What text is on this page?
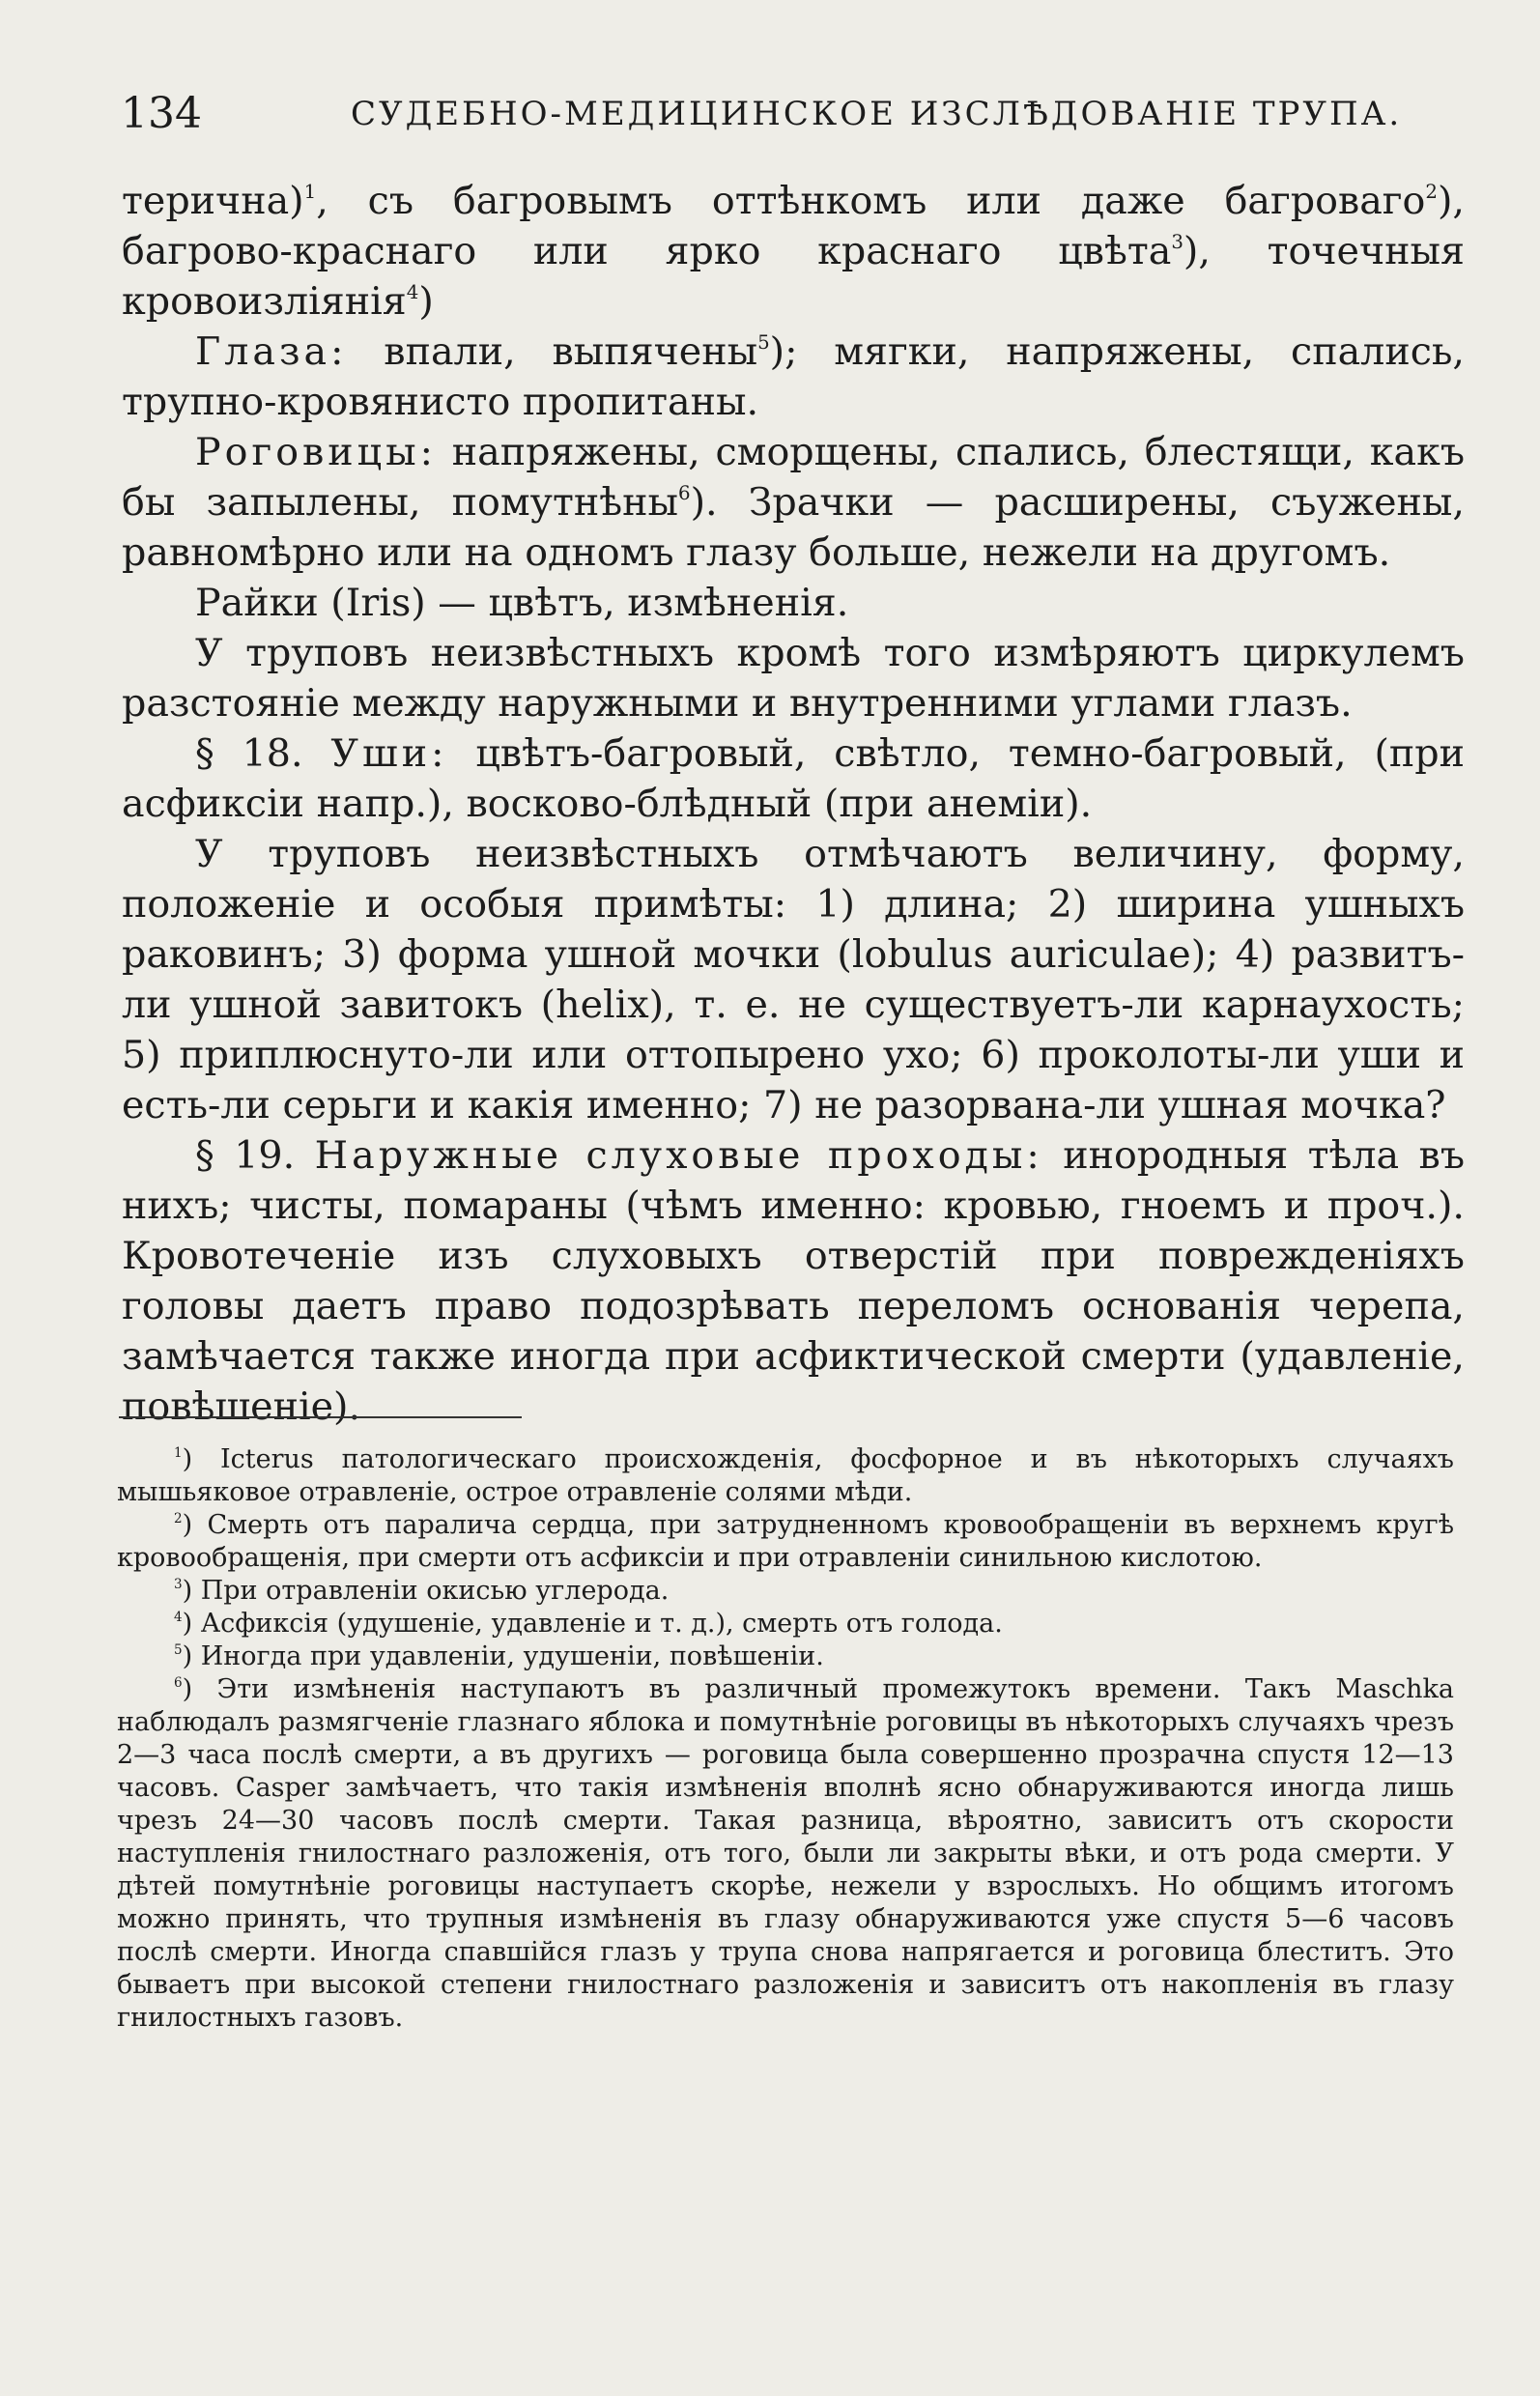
134	СУДЕБНО-МЕДИЦИНСКОЕ ИЗСЛѢДОВАНІЕ ТРУПА.

терична)$^1$, съ багровымъ оттѣнкомъ или даже багроваго$^2$), багрово-краснаго или ярко краснаго цвѣта$^3$), точечныя кровоизліянія$^4$)

Глаза: впали, выпячены$^5$); мягки, напряжены, спались, трупно-кровянисто пропитаны.

Роговицы: напряжены, сморщены, спались, блестящи, какъ бы запылены, помутнѣны$^6$). Зрачки — расширены, съужены, равномѣрно или на одномъ глазу больше, нежели на другомъ.

Райки (Iris) — цвѣтъ, измѣненія.

У труповъ неизвѣстныхъ кромѣ того измѣряютъ циркулемъ разстояніе между наружными и внутренними углами глазъ.

§ 18. Уши: цвѣтъ-багровый, свѣтло, темно-багровый, (при асфиксіи напр.), восково-блѣдный (при анеміи).

У труповъ неизвѣстныхъ отмѣчаютъ величину, форму, положеніе и особыя примѣты: 1) длина; 2) ширина ушныхъ раковинъ; 3) форма ушной мочки (lobulus auriculae); 4) развитъ-ли ушной завитокъ (helix), т. е. не существуетъ-ли карнаухость; 5) приплюснуто-ли или оттопырено ухо; 6) проколоты-ли уши и есть-ли серьги и какія именно; 7) не разорвана-ли ушная мочка?

§ 19. Наружные слуховые проходы: инородныя тѣла въ нихъ; чисты, помараны (чѣмъ именно: кровью, гноемъ и проч.). Кровотеченіе изъ слуховыхъ отверстій при поврежденіяхъ головы даетъ право подозрѣвать переломъ основанія черепа, замѣчается также иногда при асфиктической смерти (удавленіе, повѣшеніе).

$^1$) Icterus патологическаго происхожденія, фосфорное и въ нѣкоторыхъ случаяхъ мышьяковое отравленіе, острое отравленіе солями мѣди.

$^2$) Смерть отъ паралича сердца, при затрудненномъ кровообращеніи въ верхнемъ кругѣ кровообращенія, при смерти отъ асфиксіи и при отравленіи синильною кислотою.

$^3$) При отравленіи окисью углерода.

$^4$) Асфиксія (удушеніе, удавленіе и т. д.), смерть отъ голода.

$^5$) Иногда при удавленіи, удушеніи, повѣшеніи.

$^6$) Эти измѣненія наступаютъ въ различный промежутокъ времени. Такъ Maschka наблюдалъ размягченіе глазнаго яблока и помутнѣніе роговицы въ нѣкоторыхъ случаяхъ чрезъ 2—3 часа послѣ смерти, а въ другихъ — роговица была совершенно прозрачна спустя 12—13 часовъ. Casper замѣчаетъ, что такія измѣненія вполнѣ ясно обнаруживаются иногда лишь чрезъ 24—30 часовъ послѣ смерти. Такая разница, вѣроятно, зависитъ отъ скорости наступленія гнилостнаго разложенія, отъ того, были ли закрыты вѣки, и отъ рода смерти. У дѣтей помутнѣніе роговицы наступаетъ скорѣе, нежели у взрослыхъ. Но общимъ итогомъ можно принять, что трупныя измѣненія въ глазу обнаруживаются уже спустя 5—6 часовъ послѣ смерти. Иногда спавшійся глазъ у трупа снова напрягается и роговица блеститъ. Это бываетъ при высокой степени гнилостнаго разложенія и зависитъ отъ накопленія въ глазу гнилостныхъ газовъ.
